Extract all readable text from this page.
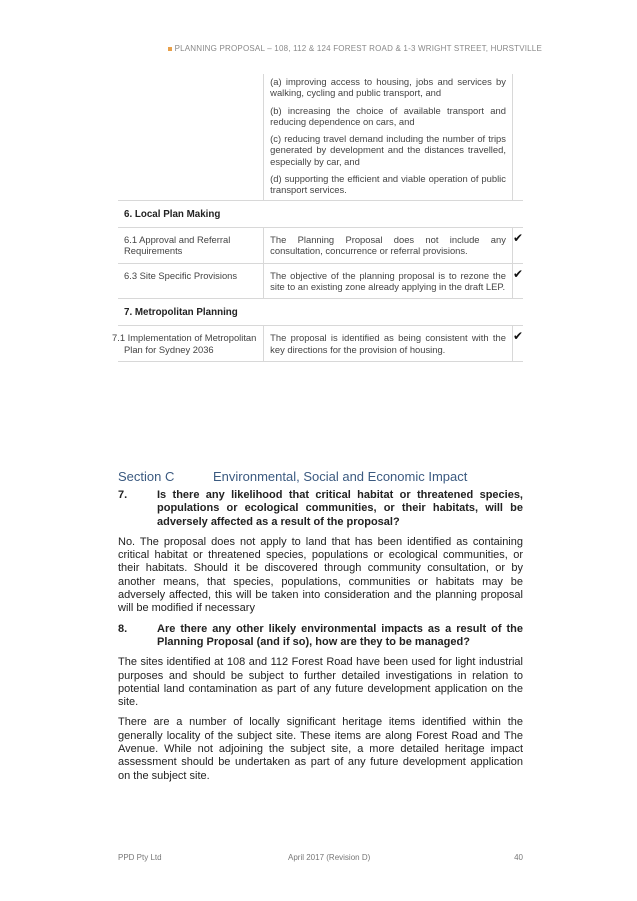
PLANNING PROPOSAL – 108, 112 & 124 FOREST ROAD & 1-3 WRIGHT STREET, HURSTVILLE

	(a) improving access to housing, jobs and services by walking, cycling and public transport, and

(b) increasing the choice of available transport and reducing dependence on cars, and

(c) reducing travel demand including the number of trips generated by development and the distances travelled, especially by car, and

(d) supporting the efficient and viable operation of public transport services.	

6. Local Plan Making		
6.1 Approval and Referral Requirements	The Planning Proposal does not include any consultation, concurrence or referral provisions.	✔
6.3 Site Specific Provisions	The objective of the planning proposal is to rezone the site to an existing zone already applying in the draft LEP.	✔
7. Metropolitan Planning		
7.1 Implementation of Metropolitan Plan for Sydney 2036	The proposal is identified as being consistent with the key directions for the provision of housing.	✔
Section C	Environmental, Social and Economic Impact
7.	Is there any likelihood that critical habitat or threatened species, populations or ecological communities, or their habitats, will be adversely affected as a result of the proposal?

No. The proposal does not apply to land that has been identified as containing critical habitat or threatened species, populations or ecological communities, or their habitats. Should it be discovered through community consultation, or by another means, that species, populations, communities or habitats may be adversely affected, this will be taken into consideration and the planning proposal will be modified if necessary

8.	Are there any other likely environmental impacts as a result of the Planning Proposal (and if so), how are they to be managed?

The sites identified at 108 and 112 Forest Road have been used for light industrial purposes and should be subject to further detailed investigations in relation to potential land contamination as part of any future development application on the site.

There are a number of locally significant heritage items identified within the generally locality of the subject site. These items are along Forest Road and The Avenue. While not adjoining the subject site, a more detailed heritage impact assessment should be undertaken as part of any future development application on the subject site.

PPD Pty Ltd	April 2017 (Revision D)	40
